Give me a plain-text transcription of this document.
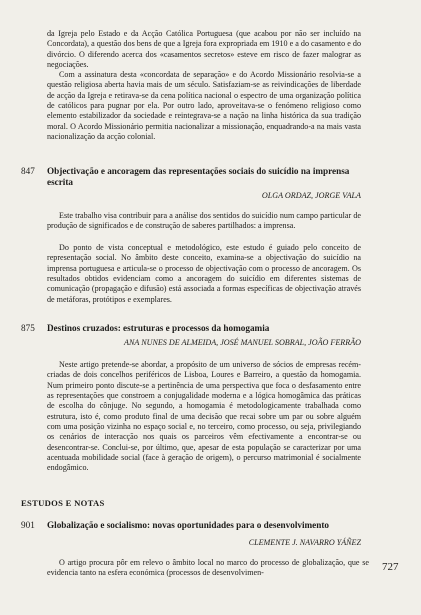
da Igreja pelo Estado e da Acção Católica Portuguesa (que acabou por não ser incluído na Concordata), a questão dos bens de que a Igreja fora expropriada em 1910 e a do casamento e do divórcio. O diferendo acerca dos «casamentos secretos» esteve em risco de fazer malograr as negociações.

Com a assinatura desta «concordata de separação» e do Acordo Missionário resolvia-se a questão religiosa aberta havia mais de um século. Satisfaziam-se as reivindicações de liberdade de acção da Igreja e retirava-se da cena política nacional o espectro de uma organização política de católicos para pugnar por ela. Por outro lado, aproveitava-se o fenómeno religioso como elemento estabilizador da sociedade e reintegrava-se a nação na linha histórica da sua tradição moral. O Acordo Missionário permitia nacionalizar a missionação, enquadrando-a na mais vasta nacionalização da acção colonial.

847 Objectivação e ancoragem das representações sociais do suicídio na imprensa escrita

OLGA ORDAZ, JORGE VALA

Este trabalho visa contribuir para a análise dos sentidos do suicídio num campo particular de produção de significados e de construção de saberes partilhados: a imprensa.

Do ponto de vista conceptual e metodológico, este estudo é guiado pelo conceito de representação social. No âmbito deste conceito, examina-se a objectivação do suicídio na imprensa portuguesa e articula-se o processo de objectivação com o processo de ancoragem. Os resultados obtidos evidenciam como a ancoragem do suicídio em diferentes sistemas de comunicação (propagação e difusão) está associada a formas específicas de objectivação através de metáforas, protótipos e exemplares.

875 Destinos cruzados: estruturas e processos da homogamia

ANA NUNES DE ALMEIDA, JOSÉ MANUEL SOBRAL, JOÃO FERRÃO

Neste artigo pretende-se abordar, a propósito de um universo de sócios de empresas recém-criadas de dois concelhos periféricos de Lisboa, Loures e Barreiro, a questão da homogamia. Num primeiro ponto discute-se a pertinência de uma perspectiva que foca o desfasamento entre as representações que constroem a conjugalidade moderna e a lógica homogâmica das práticas de escolha do cônjuge. No segundo, a homogamia é metodologicamente trabalhada como estrutura, isto é, como produto final de uma decisão que recai sobre um par ou sobre alguém com uma posição vizinha no espaço social e, no terceiro, como processo, ou seja, privilegiando os cenários de interacção nos quais os parceiros vêm efectivamente a encontrar-se ou desencontrar-se. Conclui-se, por último, que, apesar de esta população se caracterizar por uma acentuada mobilidade social (face à geração de origem), o percurso matrimonial é socialmente endogâmico.

ESTUDOS E NOTAS

901 Globalização e socialismo: novas oportunidades para o desenvolvimento

CLEMENTE J. NAVARRO YÁÑEZ

O artigo procura pôr em relevo o âmbito local no marco do processo de globalização, que se evidencia tanto na esfera económica (processos de desenvolvimen-	727
